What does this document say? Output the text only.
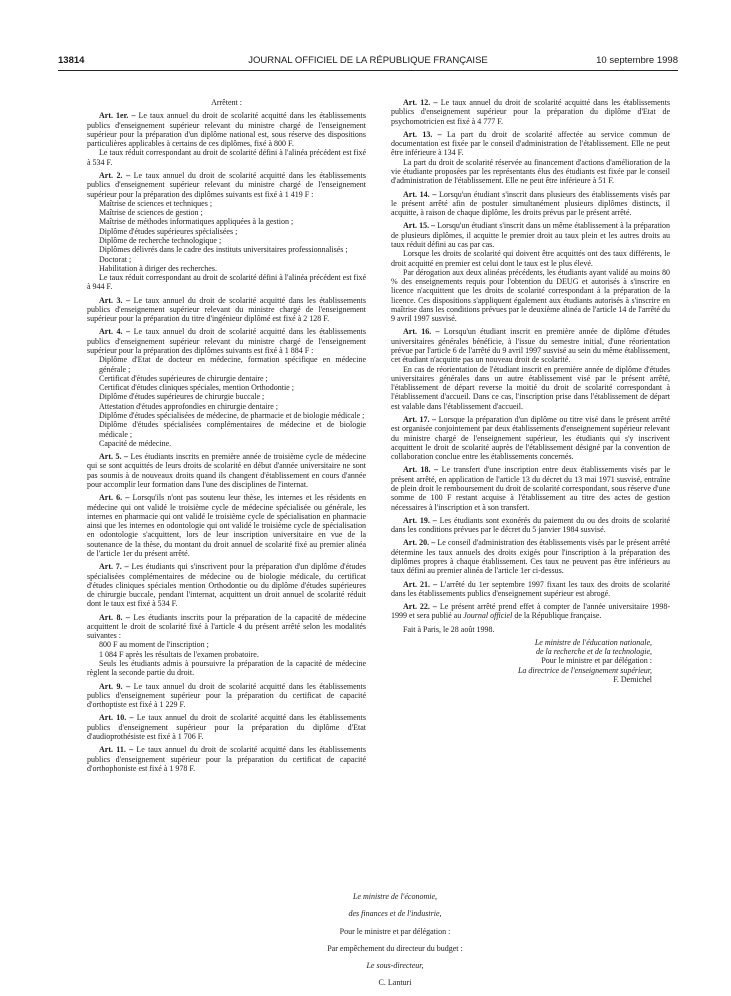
13814	JOURNAL OFFICIEL DE LA RÉPUBLIQUE FRANÇAISE	10 septembre 1998

Arrêtent :

Art. 1er. – Le taux annuel du droit de scolarité acquitté dans les établissements publics d'enseignement supérieur relevant du ministre chargé de l'enseignement supérieur pour la préparation d'un diplôme national est, sous réserve des dispositions particulières applicables à certains de ces diplômes, fixé à 800 F.

Le taux réduit correspondant au droit de scolarité défini à l'alinéa précédent est fixé à 534 F.

Art. 2. – Le taux annuel du droit de scolarité acquitté dans les établissements publics d'enseignement supérieur relevant du ministre chargé de l'enseignement supérieur pour la préparation des diplômes suivants est fixé à 1 419 F :

Maîtrise de sciences et techniques ;

Maîtrise de sciences de gestion ;

Maîtrise de méthodes informatiques appliquées à la gestion ;

Diplôme d'études supérieures spécialisées ;

Diplôme de recherche technologique ;

Diplômes délivrés dans le cadre des instituts universitaires professionnalisés ;

Doctorat ;

Habilitation à diriger des recherches.

Le taux réduit correspondant au droit de scolarité défini à l'alinéa précédent est fixé à 944 F.

Art. 3. – Le taux annuel du droit de scolarité acquitté dans les établissements publics d'enseignement supérieur relevant du ministre chargé de l'enseignement supérieur pour la préparation du titre d'ingénieur diplômé est fixé à 2 128 F.

Art. 4. – Le taux annuel du droit de scolarité acquitté dans les établissements publics d'enseignement supérieur relevant du ministre chargé de l'enseignement supérieur pour la préparation des diplômes suivants est fixé à 1 884 F :

Diplôme d'Etat de docteur en médecine, formation spécifique en médecine générale ;

Certificat d'études supérieures de chirurgie dentaire ;

Certificat d'études cliniques spéciales, mention Orthodontie ;

Diplôme d'études supérieures de chirurgie buccale ;

Attestation d'études approfondies en chirurgie dentaire ;

Diplôme d'études spécialisées de médecine, de pharmacie et de biologie médicale ;

Diplôme d'études spécialisées complémentaires de médecine et de biologie médicale ;

Capacité de médecine.

Art. 5. – Les étudiants inscrits en première année de troisième cycle de médecine qui se sont acquittés de leurs droits de scolarité en début d'année universitaire ne sont pas soumis à de nouveaux droits quand ils changent d'établissement en cours d'année pour accomplir leur formation dans l'une des disciplines de l'internat.

Art. 6. – Lorsqu'ils n'ont pas soutenu leur thèse, les internes et les résidents en médecine qui ont validé le troisième cycle de médecine spécialisée ou générale, les internes en pharmacie qui ont validé le troisième cycle de spécialisation en pharmacie ainsi que les internes en odontologie qui ont validé le troisième cycle de spécialisation en odontologie s'acquittent, lors de leur inscription universitaire en vue de la soutenance de la thèse, du montant du droit annuel de scolarité fixé au premier alinéa de l'article 1er du présent arrêté.

Art. 7. – Les étudiants qui s'inscrivent pour la préparation d'un diplôme d'études spécialisées complémentaires de médecine ou de biologie médicale, du certificat d'études cliniques spéciales mention Orthodontie ou du diplôme d'études supérieures de chirurgie buccale, pendant l'internat, acquittent un droit annuel de scolarité réduit dont le taux est fixé à 534 F.

Art. 8. – Les étudiants inscrits pour la préparation de la capacité de médecine acquittent le droit de scolarité fixé à l'article 4 du présent arrêté selon les modalités suivantes :

800 F au moment de l'inscription ;

1 084 F après les résultats de l'examen probatoire.

Seuls les étudiants admis à poursuivre la préparation de la capacité de médecine règlent la seconde partie du droit.

Art. 9. – Le taux annuel du droit de scolarité acquitté dans les établissements publics d'enseignement supérieur pour la préparation du certificat de capacité d'orthoptiste est fixé à 1 229 F.

Art. 10. – Le taux annuel du droit de scolarité acquitté dans les établissements publics d'enseignement supérieur pour la préparation du diplôme d'Etat d'audioprothésiste est fixé à 1 706 F.

Art. 11. – Le taux annuel du droit de scolarité acquitté dans les établissements publics d'enseignement supérieur pour la préparation du certificat de capacité d'orthophoniste est fixé à 1 978 F.

Art. 12. – Le taux annuel du droit de scolarité acquitté dans les établissements publics d'enseignement supérieur pour la préparation du diplôme d'Etat de psychomotricien est fixé à 4 777 F.

Art. 13. – La part du droit de scolarité affectée au service commun de documentation est fixée par le conseil d'administration de l'établissement. Elle ne peut être inférieure à 134 F.

La part du droit de scolarité réservée au financement d'actions d'amélioration de la vie étudiante proposées par les représentants élus des étudiants est fixée par le conseil d'administration de l'établissement. Elle ne peut être inférieure à 51 F.

Art. 14. – Lorsqu'un étudiant s'inscrit dans plusieurs des établissements visés par le présent arrêté afin de postuler simultanément plusieurs diplômes distincts, il acquitte, à raison de chaque diplôme, les droits prévus par le présent arrêté.

Art. 15. – Lorsqu'un étudiant s'inscrit dans un même établissement à la préparation de plusieurs diplômes, il acquitte le premier droit au taux plein et les autres droits au taux réduit défini au cas par cas.

Lorsque les droits de scolarité qui doivent être acquittés ont des taux différents, le droit acquitté en premier est celui dont le taux est le plus élevé.

Par dérogation aux deux alinéas précédents, les étudiants ayant validé au moins 80 % des enseignements requis pour l'obtention du DEUG et autorisés à s'inscrire en licence n'acquittent que les droits de scolarité correspondant à la préparation de la licence. Ces dispositions s'appliquent également aux étudiants autorisés à s'inscrire en maîtrise dans les conditions prévues par le deuxième alinéa de l'article 14 de l'arrêté du 9 avril 1997 susvisé.

Art. 16. – Lorsqu'un étudiant inscrit en première année de diplôme d'études universitaires générales bénéficie, à l'issue du semestre initial, d'une réorientation prévue par l'article 6 de l'arrêté du 9 avril 1997 susvisé au sein du même établissement, cet étudiant n'acquitte pas un nouveau droit de scolarité.

En cas de réorientation de l'étudiant inscrit en première année de diplôme d'études universitaires générales dans un autre établissement visé par le présent arrêté, l'établissement de départ reverse la moitié du droit de scolarité correspondant à l'établissement d'accueil. Dans ce cas, l'inscription prise dans l'établissement de départ est valable dans l'établissement d'accueil.

Art. 17. – Lorsque la préparation d'un diplôme ou titre visé dans le présent arrêté est organisée conjointement par deux établissements d'enseignement supérieur relevant du ministre chargé de l'enseignement supérieur, les étudiants qui s'y inscrivent acquittent le droit de scolarité auprès de l'établissement désigné par la convention de collaboration conclue entre les établissements concernés.

Art. 18. – Le transfert d'une inscription entre deux établissements visés par le présent arrêté, en application de l'article 13 du décret du 13 mai 1971 susvisé, entraîne de plein droit le remboursement du droit de scolarité correspondant, sous réserve d'une somme de 100 F restant acquise à l'établissement au titre des actes de gestion nécessaires à l'inscription et à son transfert.

Art. 19. – Les étudiants sont exonérés du paiement du ou des droits de scolarité dans les conditions prévues par le décret du 5 janvier 1984 susvisé.

Art. 20. – Le conseil d'administration des établissements visés par le présent arrêté détermine les taux annuels des droits exigés pour l'inscription à la préparation des diplômes propres à chaque établissement. Ces taux ne peuvent pas être inférieurs au taux défini au premier alinéa de l'article 1er ci-dessus.

Art. 21. – L'arrêté du 1er septembre 1997 fixant les taux des droits de scolarité dans les établissements publics d'enseignement supérieur est abrogé.

Art. 22. – Le présent arrêté prend effet à compter de l'année universitaire 1998-1999 et sera publié au Journal officiel de la République française.

Fait à Paris, le 28 août 1998.

Le ministre de l'éducation nationale,

de la recherche et de la technologie,

Pour le ministre et par délégation :

La directrice de l'enseignement supérieur,

F. Demichel

Le ministre de l'économie,

des finances et de l'industrie,

Pour le ministre et par délégation :

Par empêchement du directeur du budget :

Le sous-directeur,

C. Lanturi
